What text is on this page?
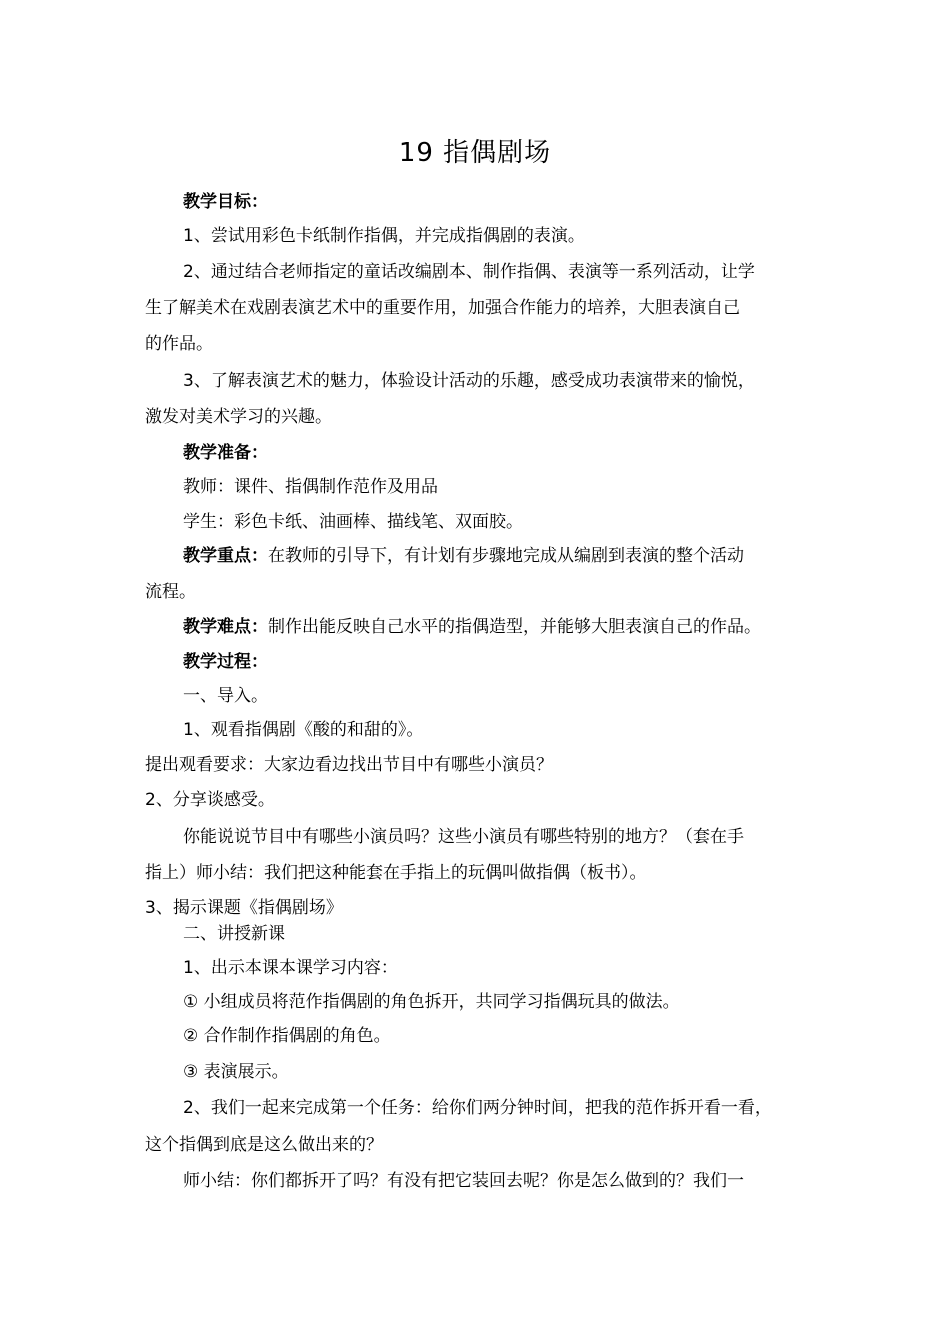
19 指偶剧场
教学目标：
1、尝试用彩色卡纸制作指偶，并完成指偶剧的表演。
2、通过结合老师指定的童话改编剧本、制作指偶、表演等一系列活动，让学
生了解美术在戏剧表演艺术中的重要作用，加强合作能力的培养，大胆表演自己
的作品。
3、了解表演艺术的魅力，体验设计活动的乐趣，感受成功表演带来的愉悦，
激发对美术学习的兴趣。
教学准备：
教师：课件、指偶制作范作及用品
学生：彩色卡纸、油画棒、描线笔、双面胶。
教学重点：在教师的引导下，有计划有步骤地完成从编剧到表演的整个活动
流程。
教学难点：制作出能反映自己水平的指偶造型，并能够大胆表演自己的作品。
教学过程：
一、导入。
1、观看指偶剧《酸的和甜的》。
提出观看要求：大家边看边找出节目中有哪些小演员？
2、分享谈感受。
你能说说节目中有哪些小演员吗？这些小演员有哪些特别的地方？（套在手
指上）师小结：我们把这种能套在手指上的玩偶叫做指偶（板书）。
3、揭示课题《指偶剧场》
二、讲授新课
1、出示本课本课学习内容：
① 小组成员将范作指偶剧的角色拆开，共同学习指偶玩具的做法。
② 合作制作指偶剧的角色。
③ 表演展示。
2、我们一起来完成第一个任务：给你们两分钟时间，把我的范作拆开看一看，
这个指偶到底是这么做出来的？
师小结：你们都拆开了吗？有没有把它装回去呢？你是怎么做到的？我们一
